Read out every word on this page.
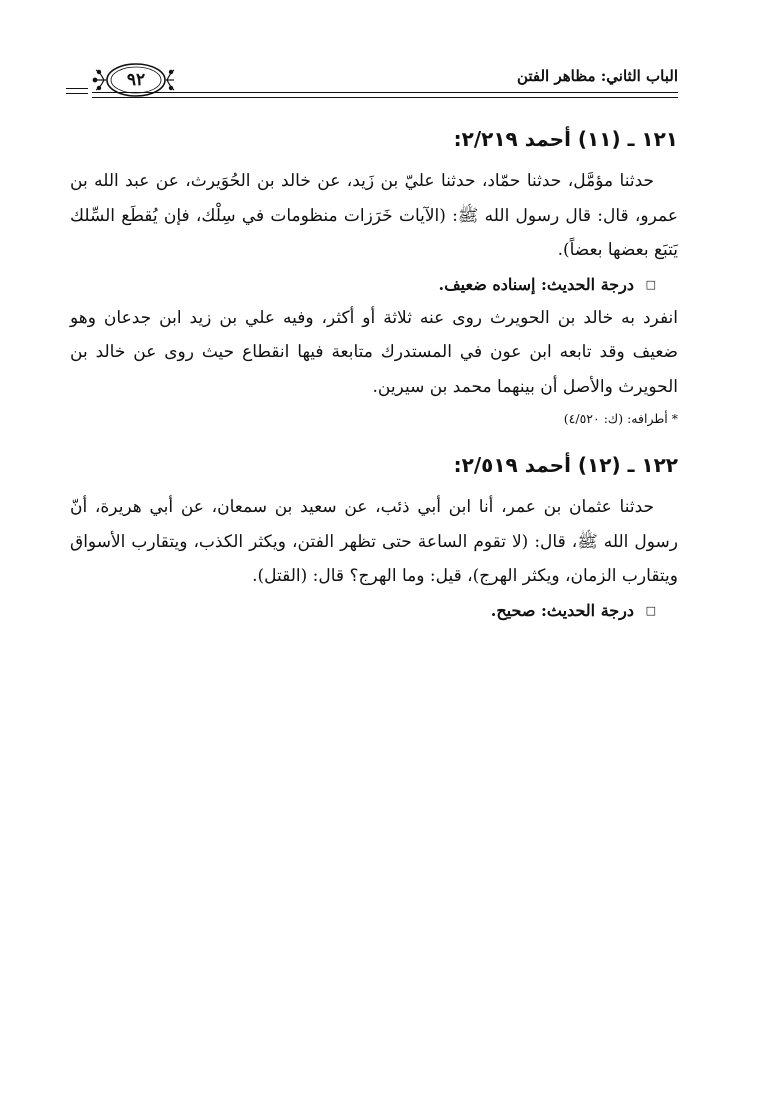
الباب الثاني: مظاهر الفتن
٩٢
١٢١ ـ (١١) أحمد ٢/٢١٩:

حدثنا مؤمَّل، حدثنا حمّاد، حدثنا عليّ بن زَيد، عن خالد بن الحُوَيرث، عن عبد الله بن عمرو، قال: قال رسول الله ﷺ: (الآيات خَرَزات منظومات في سِلْك، فإن يُقطَع السِّلك يَتبَع بعضها بعضاً).

□ درجة الحديث: إسناده ضعيف.

انفرد به خالد بن الحويرث روى عنه ثلاثة أو أكثر، وفيه علي بن زيد ابن جدعان وهو ضعيف وقد تابعه ابن عون في المستدرك متابعة فيها انقطاع حيث روى عن خالد بن الحويرث والأصل أن بينهما محمد بن سيرين.

* أطرافه: (ك: ٤/٥٢٠)

١٢٢ ـ (١٢) أحمد ٢/٥١٩:

حدثنا عثمان بن عمر، أنا ابن أبي ذئب، عن سعيد بن سمعان، عن أبي هريرة، أنّ رسول الله ﷺ، قال: (لا تقوم الساعة حتى تظهر الفتن، ويكثر الكذب، ويتقارب الأسواق ويتقارب الزمان، ويكثر الهرج)، قيل: وما الهرج؟ قال: (القتل).

□ درجة الحديث: صحيح.
